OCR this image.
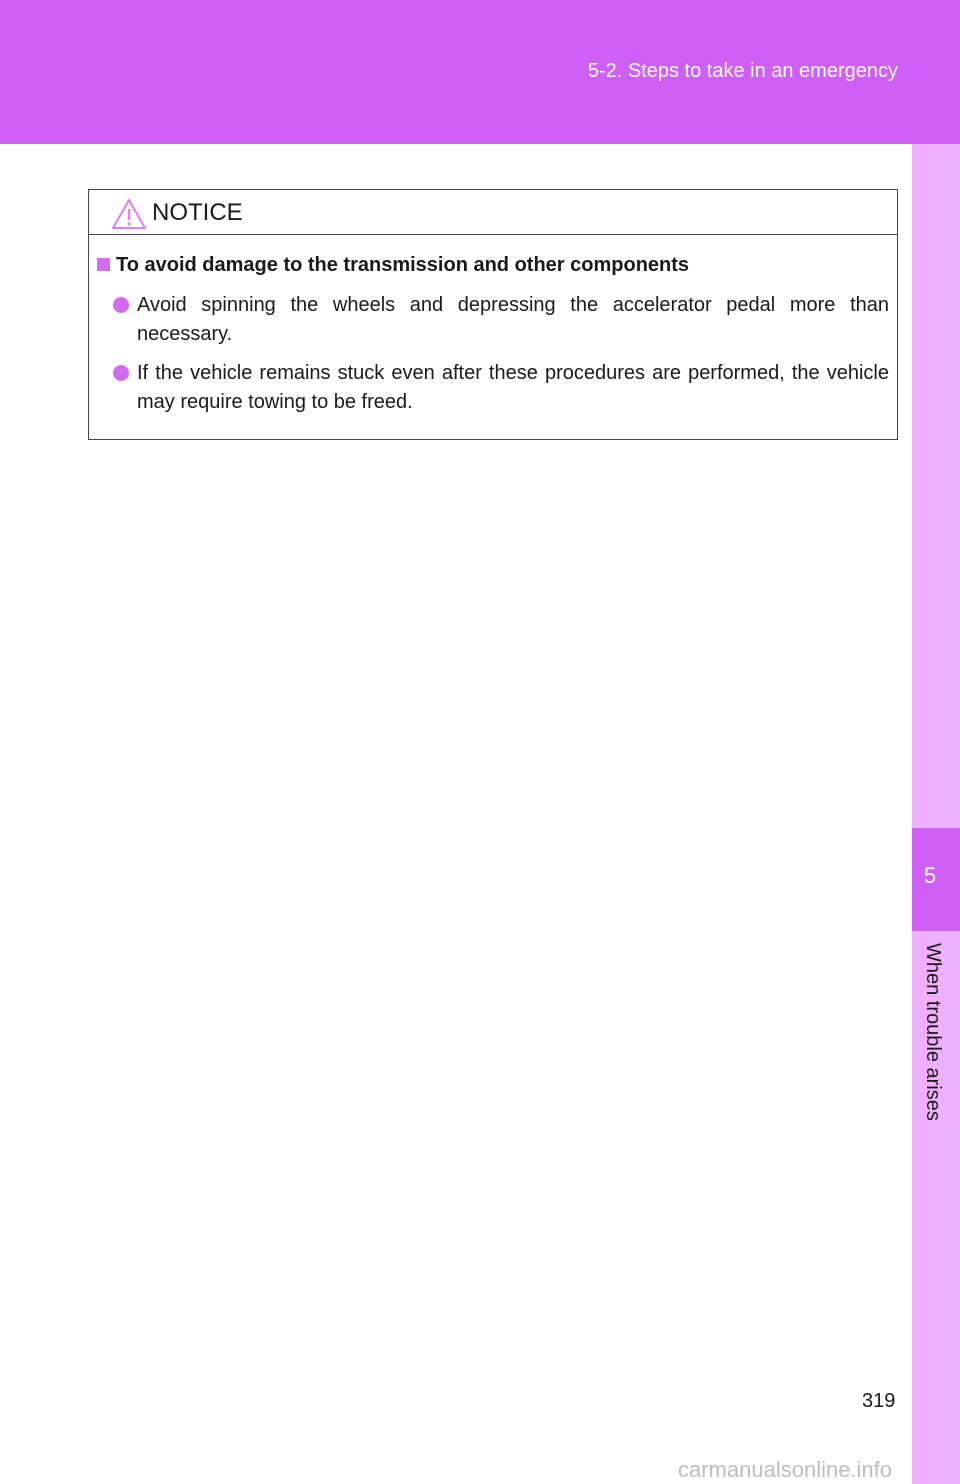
5-2. Steps to take in an emergency
5
When trouble arises
NOTICE
To avoid damage to the transmission and other components
Avoid spinning the wheels and depressing the accelerator pedal more than necessary.
If the vehicle remains stuck even after these procedures are performed, the vehicle may require towing to be freed.
319
carmanualsonline.info
